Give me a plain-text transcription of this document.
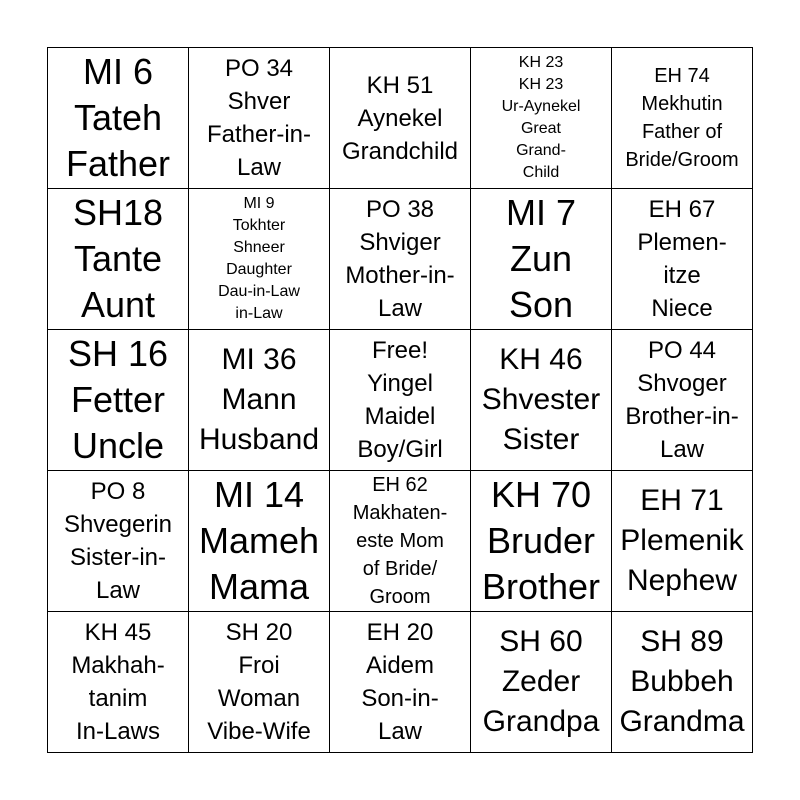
MI 6
Tateh
Father
PO 34
Shver
Father-in-
Law
KH 51
Aynekel
Grandchild
KH 23
KH 23
Ur-Aynekel
Great
Grand-
Child
EH 74
Mekhutin
Father of
Bride/Groom
SH18
Tante
Aunt
MI 9
Tokhter
Shneer
Daughter
Dau-in-Law
in-Law
PO 38
Shviger
Mother-in-
Law
MI 7
Zun
Son
EH 67
Plemen-
itze
Niece
SH 16
Fetter
Uncle
MI 36
Mann
Husband
Free!
Yingel
Maidel
Boy/Girl
KH 46
Shvester
Sister
PO 44
Shvoger
Brother-in-
Law
PO 8
Shvegerin
Sister-in-
Law
MI 14
Mameh
Mama
EH 62
Makhaten-
este Mom
of Bride/
Groom
KH 70
Bruder
Brother
EH 71
Plemenik
Nephew
KH 45
Makhah-
tanim
In-Laws
SH 20
Froi
Woman
Vibe-Wife
EH 20
Aidem
Son-in-
Law
SH 60
Zeder
Grandpa
SH 89
Bubbeh
Grandma
